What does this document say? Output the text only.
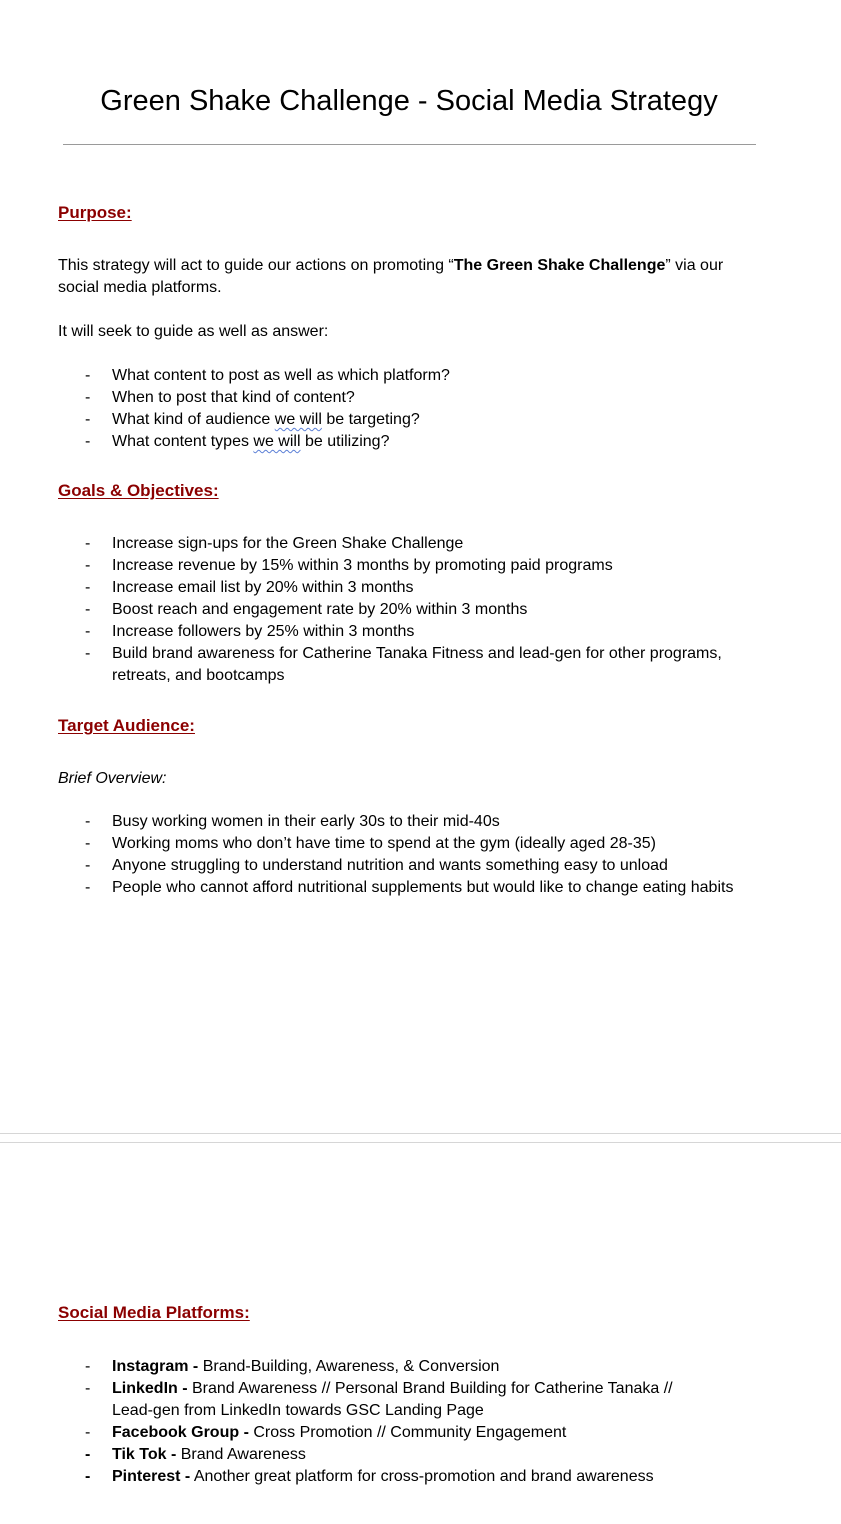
Green Shake Challenge - Social Media Strategy
Purpose:

This strategy will act to guide our actions on promoting “The Green Shake Challenge” via our

social media platforms.

It will seek to guide as well as answer:

- What content to post as well as which platform?
- When to post that kind of content?
- What kind of audience we will be targeting?
- What content types we will be utilizing?
Goals & Objectives:
- Increase sign-ups for the Green Shake Challenge
- Increase revenue by 15% within 3 months by promoting paid programs
- Increase email list by 20% within 3 months
- Boost reach and engagement rate by 20% within 3 months
- Increase followers by 25% within 3 months
- Build brand awareness for Catherine Tanaka Fitness and lead-gen for other programs,
retreats, and bootcamps
Target Audience:

Brief Overview:

- Busy working women in their early 30s to their mid-40s
- Working moms who don’t have time to spend at the gym (ideally aged 28-35)
- Anyone struggling to understand nutrition and wants something easy to unload
- People who cannot afford nutritional supplements but would like to change eating habits
Social Media Platforms:
- Instagram - Brand-Building, Awareness, & Conversion
- LinkedIn - Brand Awareness // Personal Brand Building for Catherine Tanaka //
Lead-gen from LinkedIn towards GSC Landing Page
- Facebook Group - Cross Promotion // Community Engagement
- Tik Tok - Brand Awareness
- Pinterest - Another great platform for cross-promotion and brand awareness
